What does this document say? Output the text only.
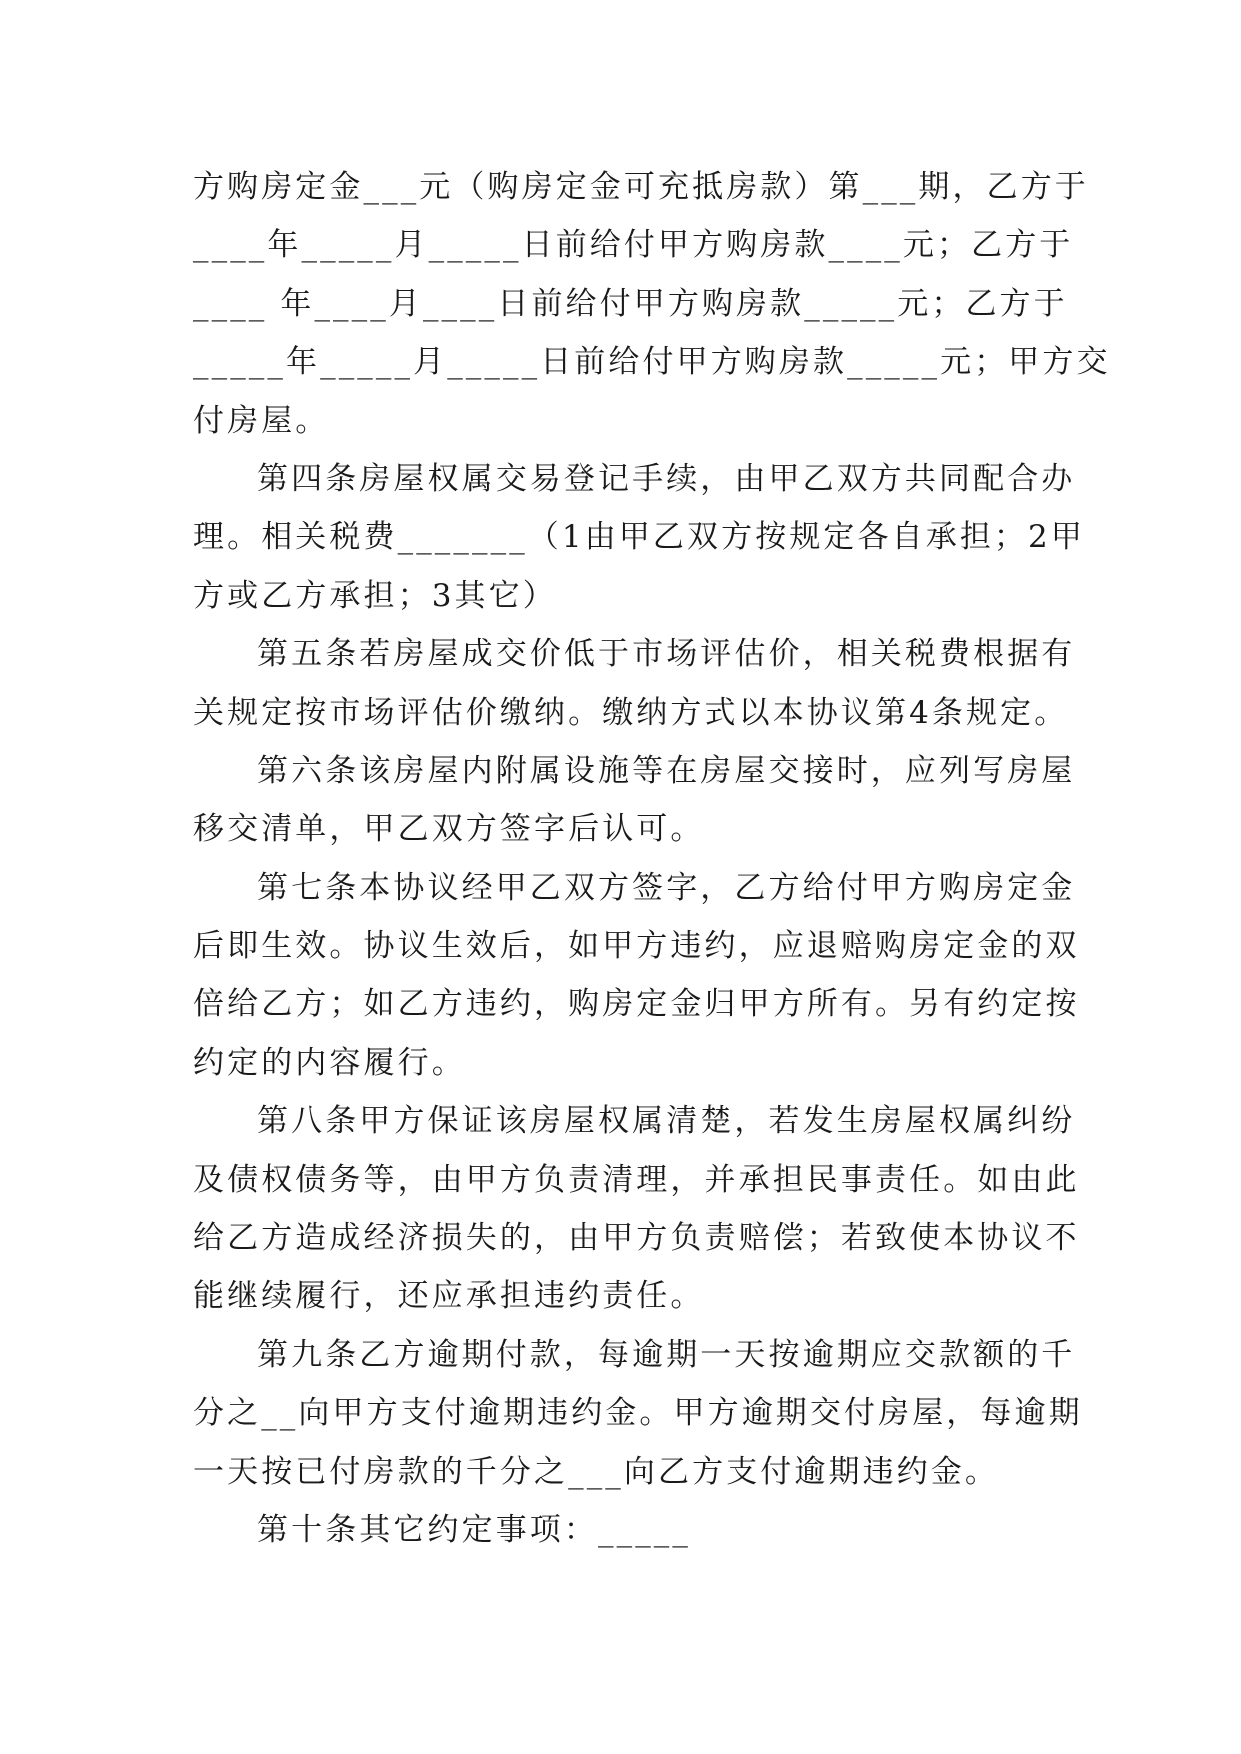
方购房定金___元（购房定金可充抵房款）第___期，乙方于
____年_____月_____日前给付甲方购房款____元；乙方于
____ 年____月____日前给付甲方购房款_____元；乙方于
_____年_____月_____日前给付甲方购房款_____元；甲方交
付房屋。
第四条房屋权属交易登记手续，由甲乙双方共同配合办
理。相关税费_______（1由甲乙双方按规定各自承担；2甲
方或乙方承担；3其它）
第五条若房屋成交价低于市场评估价，相关税费根据有
关规定按市场评估价缴纳。缴纳方式以本协议第4条规定。
第六条该房屋内附属设施等在房屋交接时，应列写房屋
移交清单，甲乙双方签字后认可。
第七条本协议经甲乙双方签字，乙方给付甲方购房定金
后即生效。协议生效后，如甲方违约，应退赔购房定金的双
倍给乙方；如乙方违约，购房定金归甲方所有。另有约定按
约定的内容履行。
第八条甲方保证该房屋权属清楚，若发生房屋权属纠纷
及债权债务等，由甲方负责清理，并承担民事责任。如由此
给乙方造成经济损失的，由甲方负责赔偿；若致使本协议不
能继续履行，还应承担违约责任。
第九条乙方逾期付款，每逾期一天按逾期应交款额的千
分之__向甲方支付逾期违约金。甲方逾期交付房屋，每逾期
一天按已付房款的千分之___向乙方支付逾期违约金。
第十条其它约定事项：_____
